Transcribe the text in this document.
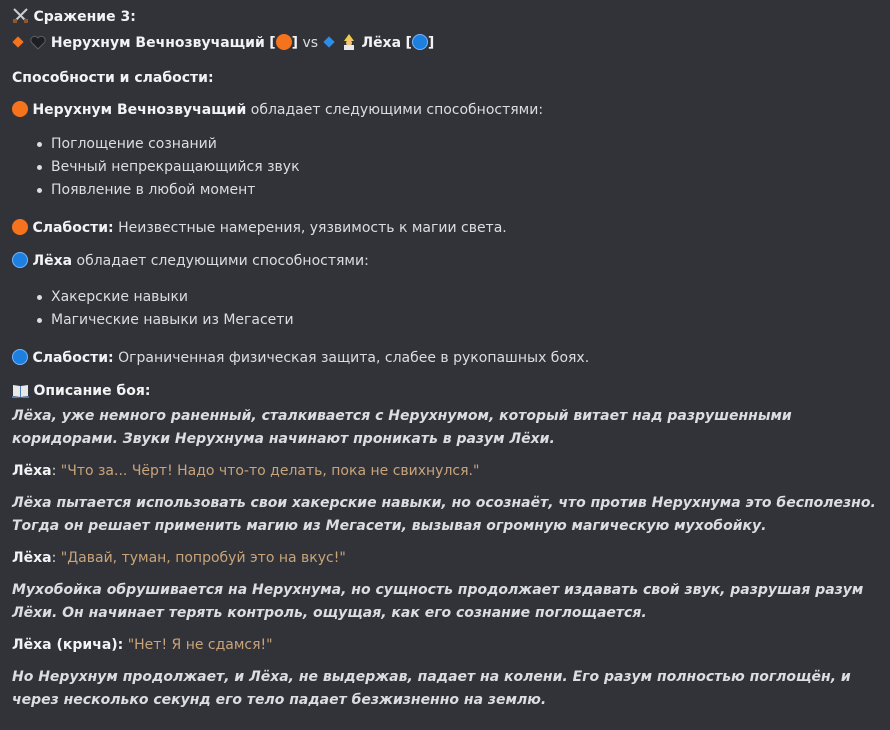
Сражение 3:
Нерухнум Вечнозвучащий [ ] vs	Лёха [ ]
Способности и слабости:
Нерухнум Вечнозвучащий обладает следующими способностями:
Поглощение сознаний
Вечный непрекращающийся звук
Появление в любой момент
Слабости: Неизвестные намерения, уязвимость к магии света.
Лёха обладает следующими способностями:
Хакерские навыки
Магические навыки из Мегасети
Слабости: Ограниченная физическая защита, слабее в рукопашных боях.
Описание боя:
Лёха, уже немного раненный, сталкивается с Нерухнумом, который витает над разрушенными коридорами. Звуки Нерухнума начинают проникать в разум Лёхи.
Лёха: "Что за... Чёрт! Надо что-то делать, пока не свихнулся."
Лёха пытается использовать свои хакерские навыки, но осознаёт, что против Нерухнума это бесполезно. Тогда он решает применить магию из Мегасети, вызывая огромную магическую мухобойку.
Лёха: "Давай, туман, попробуй это на вкус!"
Мухобойка обрушивается на Нерухнума, но сущность продолжает издавать свой звук, разрушая разум Лёхи. Он начинает терять контроль, ощущая, как его сознание поглощается.
Лёха (крича): "Нет! Я не сдамся!"
Но Нерухнум продолжает, и Лёха, не выдержав, падает на колени. Его разум полностью поглощён, и через несколько секунд его тело падает безжизненно на землю.
